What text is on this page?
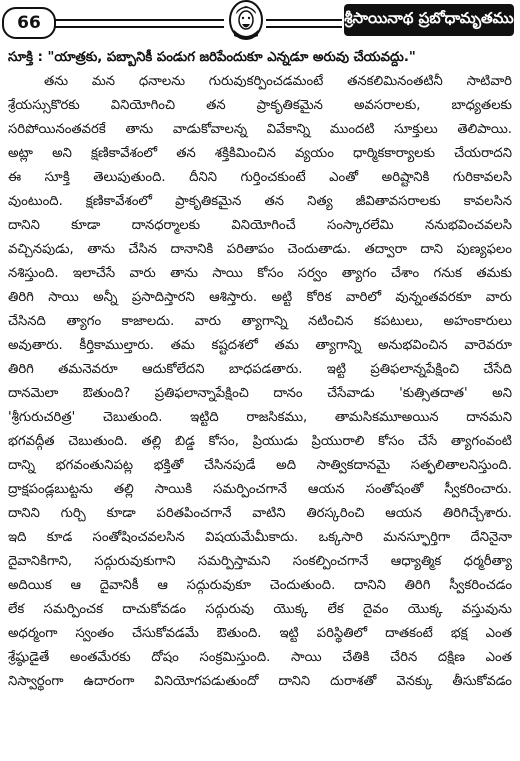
66	శ్రీసాయినాథ ప్రబోధామృతము
సూక్తి : "యాత్రకు, పబ్బానికీ పండుగ జరిపేందుకూ ఎన్నడూ అరువు చేయవద్దు."
తను మన ధనాలను గురువుకర్పించడమంటే తనకలిమినంతటినీ సాటివారి
శ్రేయస్సుకొరకు వినియోగించి తన ప్రాకృతికమైన అవసరాలకు, బాధ్యతలకు
సరిపోయినంతవరకే తాను వాడుకోవాలన్న వివేకాన్ని ముందటి సూక్తులు తెలిపాయి.
అట్లా అని క్షణికావేశంలో తన శక్తికిమించిన వ్యయం ధార్మికకార్యాలకు చేయరాదని
ఈ సూక్తి తెలుపుతుంది. దీనిని గుర్తించకుంటే ఎంతో అరిష్టానికి గురికావలసి
వుంటుంది. క్షణికావేశంలో ప్రాకృతికమైన తన నిత్య జీవితావసరాలకు కావలసిన
దానిని కూడా దానధర్మాలకు వినియోగించే సంస్కారలేమి ననుభవించవలసి
వచ్చినపుడు, తాను చేసిన దానానికి పరితాపం చెందుతాడు. తద్వారా దాని పుణ్యఫలం
నశిస్తుంది. ఇలాచేసే వారు తాను సాయి కోసం సర్వం త్యాగం చేశాం గనుక తమకు
తిరిగి సాయి అన్నీ ప్రసాదిస్తారని ఆశిస్తారు. అట్టి కోరిక వారిలో వున్నంతవరకూ వారు
చేసినది త్యాగం కాజాలదు. వారు త్యాగాన్ని నటించిన కపటులు, అహంకారులు
అవుతారు. కీర్తికాముల్తారు. తమ కష్టదశలో తమ త్యాగాన్ని అనుభవించిన వారెవరూ
తిరిగి తమనెవరూ ఆదుకోలేదని బాధపడతారు. ఇట్టి ప్రతిఫలాన్నపేక్షించి చేసేది
దానమెలా ఔతుంది? ప్రతిఫలాన్నాపేక్షించి దానం చేసేవాడు 'కుత్సితదాత' అని
'శ్రీగురుచరిత్ర' చెబుతుంది. ఇట్టిది రాజసికము, తామసికమూఅయిన దానమని
భగవద్గీత చెబుతుంది. తల్లి బిడ్డ కోసం, ప్రియుడు ప్రియురాలి కోసం చేసే త్యాగంవంటి
దాన్ని భగవంతునిపట్ల భక్తితో చేసినపుడే అది సాత్వికదానమై సత్ఫలితాలనిస్తుంది.
ద్రాక్షపండ్లబుట్టను తల్లి సాయికి సమర్పించగానే ఆయన సంతోషంతో స్వీకరించారు.
దానిని గుర్చి కూడా పరితపించగానే వాటిని తిరస్కరించి ఆయన తిరిగిచ్చేశారు.
ఇది కూడ సంతోషించవలసిన విషయమేమీకాదు. ఒక్కసారి మనస్ఫూర్తిగా దేనినైనా
దైవానికిగాని, సద్గురువుకుగాని సమర్పిస్తామని సంకల్పించగానే ఆధ్యాత్మిక ధర్మరీత్యా
అదియిక ఆ దైవానికీ ఆ సద్గురువుకూ చెందుతుంది. దానిని తిరిగి స్వీకరించడం
లేక సమర్పించక దాచుకోవడం సద్గురువు యొక్క లేక దైవం యొక్క వస్తువును
అధర్మంగా స్వంతం చేసుకోవడమే ఔతుంది. ఇట్టి పరిస్థితిలో దాతకంటే భక్ష ఎంత
శ్రేష్ఠుడైతే అంతమేరకు దోషం సంక్రమిస్తుంది. సాయి చేతికి చేరిన దక్షిణ ఎంత
నిస్వార్థంగా ఉదారంగా వినియోగపడుతుందో దానిని దురాశతో వెనక్కు తీసుకోవడం
